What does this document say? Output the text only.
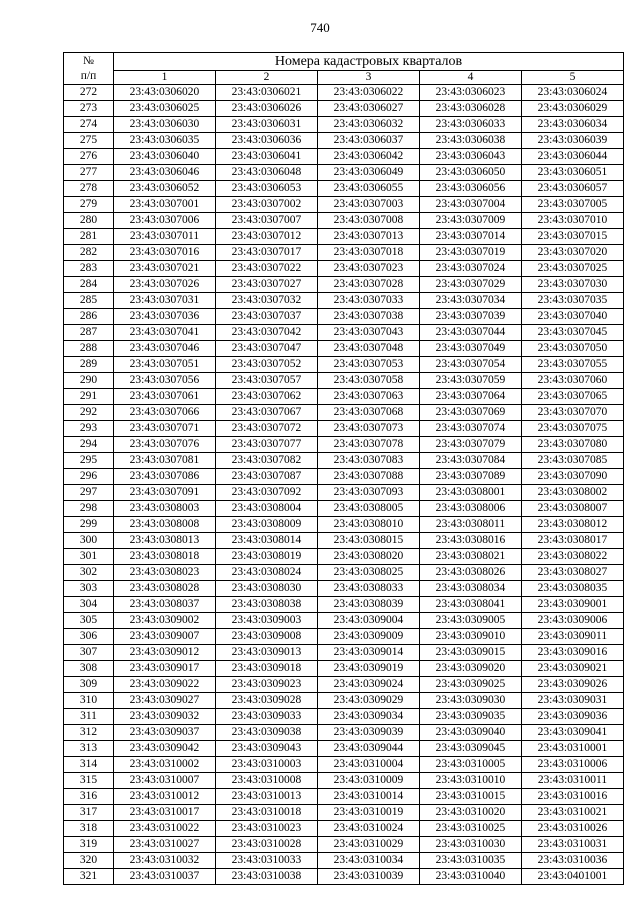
740
№
п/п	Номера кадастровых кварталов				
	1	2	3	4	5
272	23:43:0306020	23:43:0306021	23:43:0306022	23:43:0306023	23:43:0306024
273	23:43:0306025	23:43:0306026	23:43:0306027	23:43:0306028	23:43:0306029
274	23:43:0306030	23:43:0306031	23:43:0306032	23:43:0306033	23:43:0306034
275	23:43:0306035	23:43:0306036	23:43:0306037	23:43:0306038	23:43:0306039
276	23:43:0306040	23:43:0306041	23:43:0306042	23:43:0306043	23:43:0306044
277	23:43:0306046	23:43:0306048	23:43:0306049	23:43:0306050	23:43:0306051
278	23:43:0306052	23:43:0306053	23:43:0306055	23:43:0306056	23:43:0306057
279	23:43:0307001	23:43:0307002	23:43:0307003	23:43:0307004	23:43:0307005
280	23:43:0307006	23:43:0307007	23:43:0307008	23:43:0307009	23:43:0307010
281	23:43:0307011	23:43:0307012	23:43:0307013	23:43:0307014	23:43:0307015
282	23:43:0307016	23:43:0307017	23:43:0307018	23:43:0307019	23:43:0307020
283	23:43:0307021	23:43:0307022	23:43:0307023	23:43:0307024	23:43:0307025
284	23:43:0307026	23:43:0307027	23:43:0307028	23:43:0307029	23:43:0307030
285	23:43:0307031	23:43:0307032	23:43:0307033	23:43:0307034	23:43:0307035
286	23:43:0307036	23:43:0307037	23:43:0307038	23:43:0307039	23:43:0307040
287	23:43:0307041	23:43:0307042	23:43:0307043	23:43:0307044	23:43:0307045
288	23:43:0307046	23:43:0307047	23:43:0307048	23:43:0307049	23:43:0307050
289	23:43:0307051	23:43:0307052	23:43:0307053	23:43:0307054	23:43:0307055
290	23:43:0307056	23:43:0307057	23:43:0307058	23:43:0307059	23:43:0307060
291	23:43:0307061	23:43:0307062	23:43:0307063	23:43:0307064	23:43:0307065
292	23:43:0307066	23:43:0307067	23:43:0307068	23:43:0307069	23:43:0307070
293	23:43:0307071	23:43:0307072	23:43:0307073	23:43:0307074	23:43:0307075
294	23:43:0307076	23:43:0307077	23:43:0307078	23:43:0307079	23:43:0307080
295	23:43:0307081	23:43:0307082	23:43:0307083	23:43:0307084	23:43:0307085
296	23:43:0307086	23:43:0307087	23:43:0307088	23:43:0307089	23:43:0307090
297	23:43:0307091	23:43:0307092	23:43:0307093	23:43:0308001	23:43:0308002
298	23:43:0308003	23:43:0308004	23:43:0308005	23:43:0308006	23:43:0308007
299	23:43:0308008	23:43:0308009	23:43:0308010	23:43:0308011	23:43:0308012
300	23:43:0308013	23:43:0308014	23:43:0308015	23:43:0308016	23:43:0308017
301	23:43:0308018	23:43:0308019	23:43:0308020	23:43:0308021	23:43:0308022
302	23:43:0308023	23:43:0308024	23:43:0308025	23:43:0308026	23:43:0308027
303	23:43:0308028	23:43:0308030	23:43:0308033	23:43:0308034	23:43:0308035
304	23:43:0308037	23:43:0308038	23:43:0308039	23:43:0308041	23:43:0309001
305	23:43:0309002	23:43:0309003	23:43:0309004	23:43:0309005	23:43:0309006
306	23:43:0309007	23:43:0309008	23:43:0309009	23:43:0309010	23:43:0309011
307	23:43:0309012	23:43:0309013	23:43:0309014	23:43:0309015	23:43:0309016
308	23:43:0309017	23:43:0309018	23:43:0309019	23:43:0309020	23:43:0309021
309	23:43:0309022	23:43:0309023	23:43:0309024	23:43:0309025	23:43:0309026
310	23:43:0309027	23:43:0309028	23:43:0309029	23:43:0309030	23:43:0309031
311	23:43:0309032	23:43:0309033	23:43:0309034	23:43:0309035	23:43:0309036
312	23:43:0309037	23:43:0309038	23:43:0309039	23:43:0309040	23:43:0309041
313	23:43:0309042	23:43:0309043	23:43:0309044	23:43:0309045	23:43:0310001
314	23:43:0310002	23:43:0310003	23:43:0310004	23:43:0310005	23:43:0310006
315	23:43:0310007	23:43:0310008	23:43:0310009	23:43:0310010	23:43:0310011
316	23:43:0310012	23:43:0310013	23:43:0310014	23:43:0310015	23:43:0310016
317	23:43:0310017	23:43:0310018	23:43:0310019	23:43:0310020	23:43:0310021
318	23:43:0310022	23:43:0310023	23:43:0310024	23:43:0310025	23:43:0310026
319	23:43:0310027	23:43:0310028	23:43:0310029	23:43:0310030	23:43:0310031
320	23:43:0310032	23:43:0310033	23:43:0310034	23:43:0310035	23:43:0310036
321	23:43:0310037	23:43:0310038	23:43:0310039	23:43:0310040	23:43:0401001
